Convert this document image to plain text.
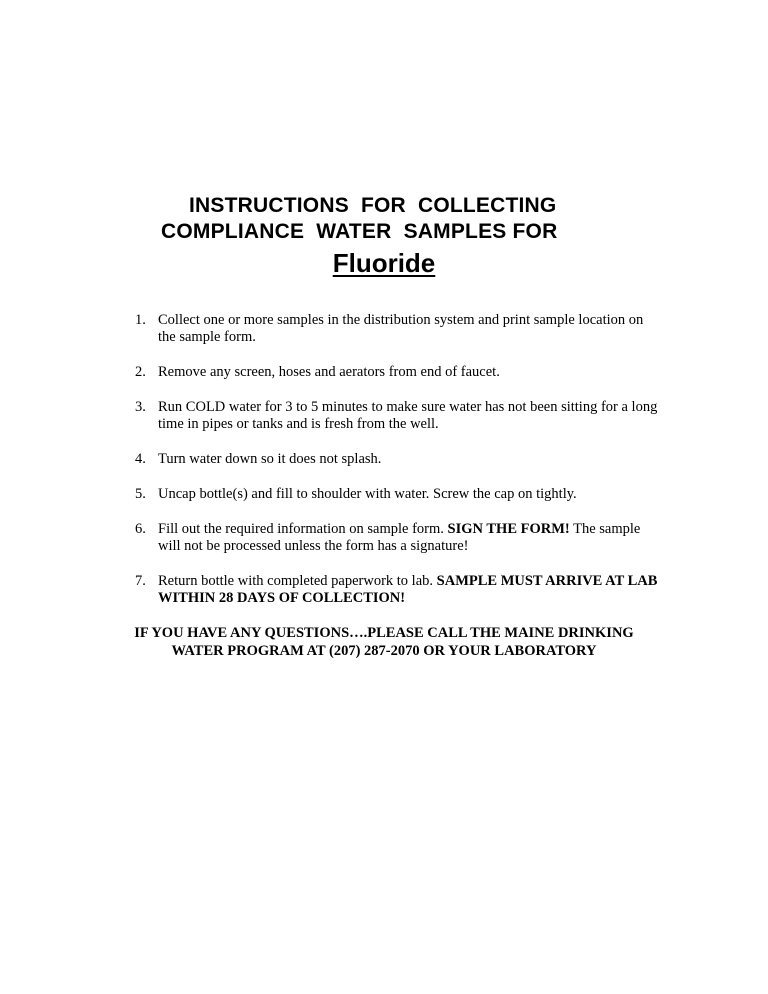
INSTRUCTIONS  FOR  COLLECTING
COMPLIANCE  WATER  SAMPLES FOR
Fluoride
1. Collect one or more samples in the distribution system and print sample location on the sample form.
2. Remove any screen, hoses and aerators from end of faucet.
3. Run COLD water for 3 to 5 minutes to make sure water has not been sitting for a long time in pipes or tanks and is fresh from the well.
4. Turn water down so it does not splash.
5. Uncap bottle(s) and fill to shoulder with water. Screw the cap on tightly.
6. Fill out the required information on sample form. SIGN THE FORM! The sample will not be processed unless the form has a signature!
7. Return bottle with completed paperwork to lab. SAMPLE MUST ARRIVE AT LAB WITHIN 28 DAYS OF COLLECTION!
IF YOU HAVE ANY QUESTIONS….PLEASE CALL THE MAINE DRINKING
WATER PROGRAM AT (207) 287-2070 OR YOUR LABORATORY
